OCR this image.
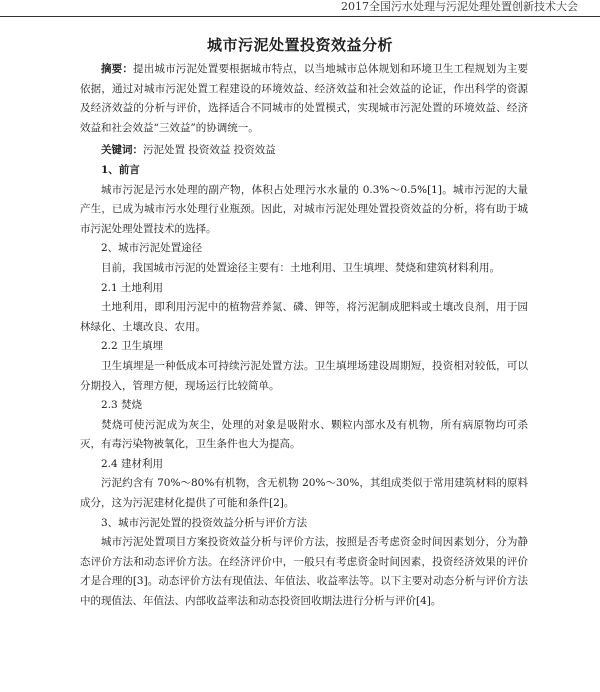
2017全国污水处理与污泥处理处置创新技术大会
城市污泥处置投资效益分析

摘要：提出城市污泥处置要根据城市特点，以当地城市总体规划和环境卫生工程规划为主要依据，通过对城市污泥处置工程建设的环境效益、经济效益和社会效益的论证，作出科学的资源及经济效益的分析与评价，选择适合不同城市的处置模式，实现城市污泥处置的环境效益、经济效益和社会效益“三效益”的协调统一。

关键词：污泥处置 投资效益 投资效益

1、前言

城市污泥是污水处理的副产物，体积占处理污水水量的 0.3%～0.5%[1]。城市污泥的大量产生，已成为城市污水处理行业瓶颈。因此，对城市污泥处理处置投资效益的分析，将有助于城市污泥处理处置技术的选择。

2、城市污泥处置途径

目前，我国城市污泥的处置途径主要有：土地利用、卫生填埋、焚烧和建筑材料利用。

2.1 土地利用

土地利用，即利用污泥中的植物营养氮、磷、钾等，将污泥制成肥料或土壤改良剂，用于园林绿化、土壤改良、农用。

2.2 卫生填埋

卫生填埋是一种低成本可持续污泥处置方法。卫生填埋场建设周期短，投资相对较低，可以分期投入，管理方便，现场运行比较简单。

2.3 焚烧

焚烧可使污泥成为灰尘，处理的对象是吸附水、颗粒内部水及有机物，所有病原物均可杀灭，有毒污染物被氧化，卫生条件也大为提高。

2.4 建材利用

污泥约含有 70%～80%有机物，含无机物 20%～30%，其组成类似于常用建筑材料的原料成分，这为污泥建材化提供了可能和条件[2]。

3、城市污泥处置的投资效益分析与评价方法

城市污泥处置项目方案投资效益分析与评价方法，按照是否考虑资金时间因素划分，分为静态评价方法和动态评价方法。在经济评价中，一般只有考虑资金时间因素，投资经济效果的评价才是合理的[3]。动态评价方法有现值法、年值法、收益率法等。以下主要对动态分析与评价方法中的现值法、年值法、内部收益率法和动态投资回收期法进行分析与评价[4]。
